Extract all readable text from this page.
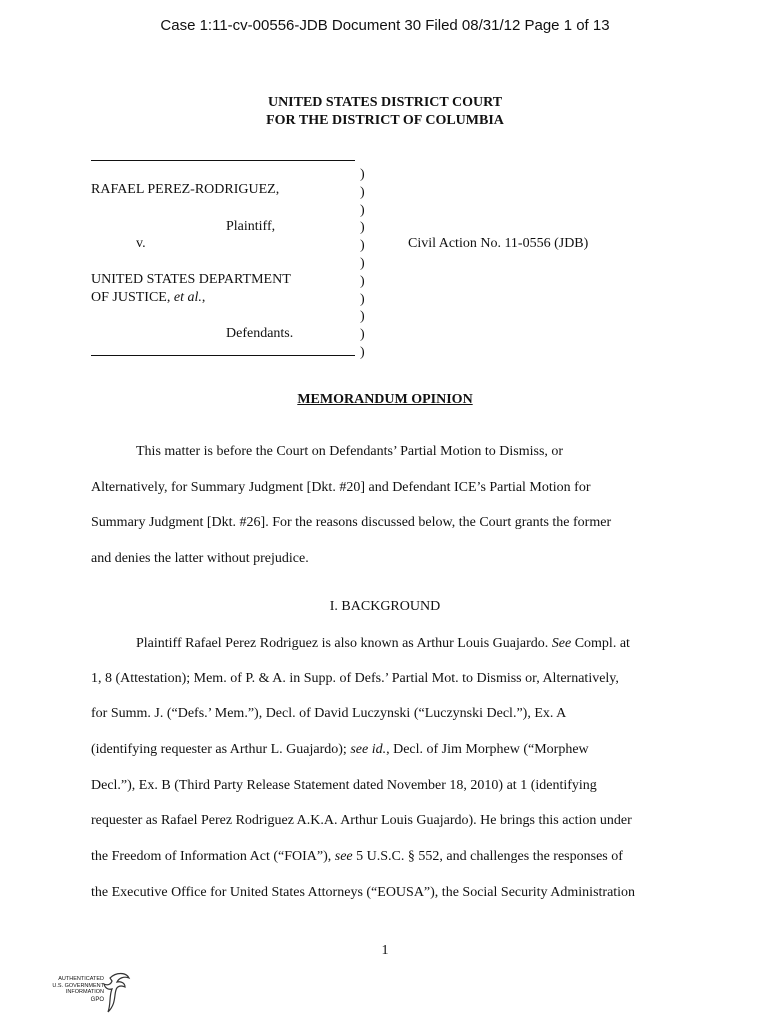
Case 1:11-cv-00556-JDB Document 30 Filed 08/31/12 Page 1 of 13
UNITED STATES DISTRICT COURT
FOR THE DISTRICT OF COLUMBIA
)
)
)
)
)
)
)
)
)
)
)
RAFAEL PEREZ-RODRIGUEZ,
Plaintiff,
v.	Civil Action No. 11-0556 (JDB)
UNITED STATES DEPARTMENT
OF JUSTICE, et al.,
Defendants.
MEMORANDUM OPINION
This matter is before the Court on Defendants’ Partial Motion to Dismiss, or
Alternatively, for Summary Judgment [Dkt. #20] and Defendant ICE’s Partial Motion for
Summary Judgment [Dkt. #26]. For the reasons discussed below, the Court grants the former
and denies the latter without prejudice.
I. BACKGROUND
Plaintiff Rafael Perez Rodriguez is also known as Arthur Louis Guajardo. See Compl. at
1, 8 (Attestation); Mem. of P. & A. in Supp. of Defs.’ Partial Mot. to Dismiss or, Alternatively,
for Summ. J. (“Defs.’ Mem.”), Decl. of David Luczynski (“Luczynski Decl.”), Ex. A
(identifying requester as Arthur L. Guajardo); see id., Decl. of Jim Morphew (“Morphew
Decl.”), Ex. B (Third Party Release Statement dated November 18, 2010) at 1 (identifying
requester as Rafael Perez Rodriguez A.K.A. Arthur Louis Guajardo). He brings this action under
the Freedom of Information Act (“FOIA”), see 5 U.S.C. § 552, and challenges the responses of
the Executive Office for United States Attorneys (“EOUSA”), the Social Security Administration
1
AUTHENTICATED
U.S. GOVERNMENT
INFORMATION
GPO
